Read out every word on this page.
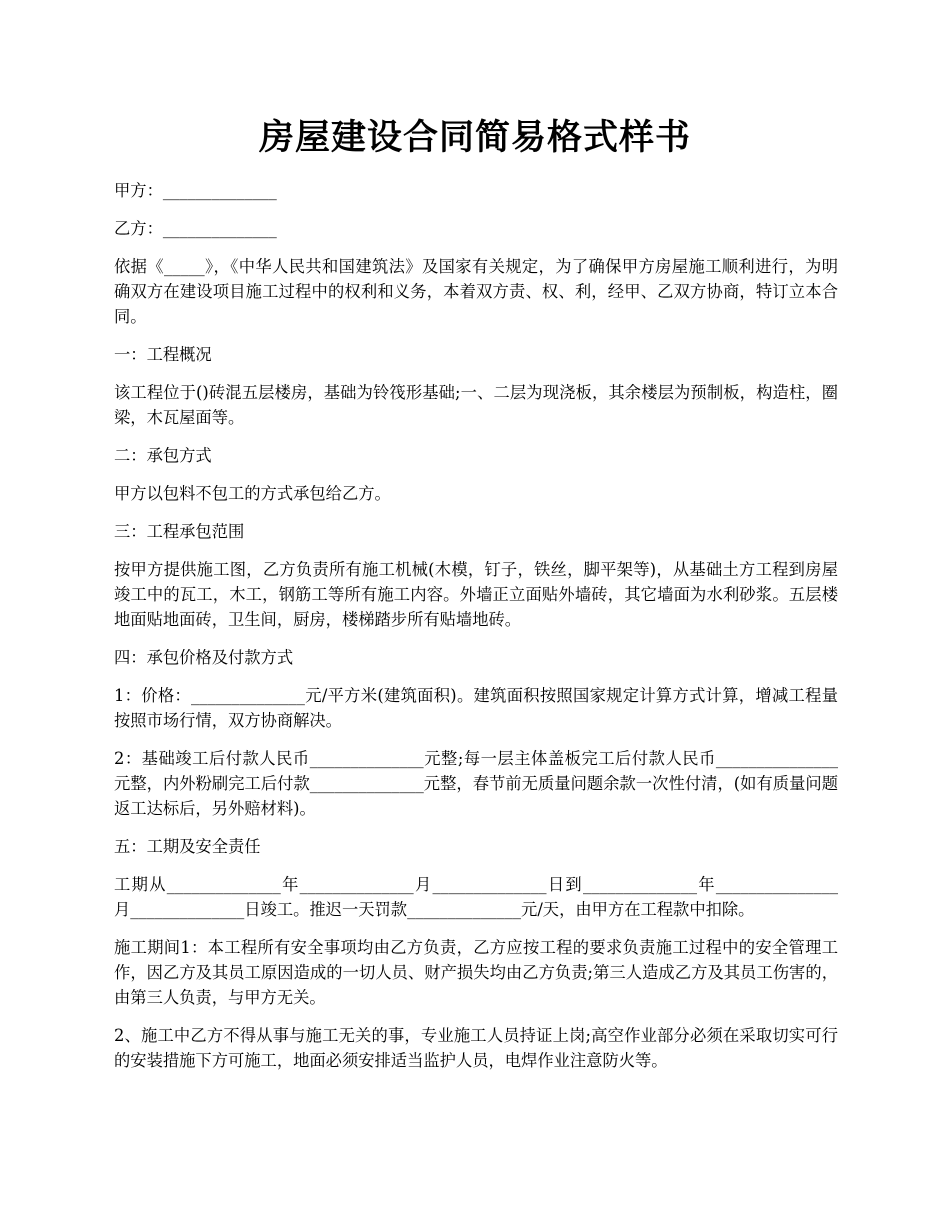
房屋建设合同简易格式样书

甲方：______________

乙方：______________

依据《_____》，《中华人民共和国建筑法》及国家有关规定，为了确保甲方房屋施工顺利进行，为明确双方在建设项目施工过程中的权利和义务，本着双方责、权、利，经甲、乙双方协商，特订立本合同。

一：工程概况

该工程位于()砖混五层楼房，基础为铃筏形基础;一、二层为现浇板，其余楼层为预制板，构造柱，圈梁，木瓦屋面等。

二：承包方式

甲方以包料不包工的方式承包给乙方。

三：工程承包范围

按甲方提供施工图，乙方负责所有施工机械(木模，钉子，铁丝，脚平架等)，从基础土方工程到房屋竣工中的瓦工，木工，钢筋工等所有施工内容。外墙正立面贴外墙砖，其它墙面为水利砂浆。五层楼地面贴地面砖，卫生间，厨房，楼梯踏步所有贴墙地砖。

四：承包价格及付款方式

1：价格：______________元/平方米(建筑面积)。建筑面积按照国家规定计算方式计算，增减工程量按照市场行情，双方协商解决。

2：基础竣工后付款人民币______________元整;每一层主体盖板完工后付款人民币_______________元整，内外粉刷完工后付款______________元整，春节前无质量问题余款一次性付清，(如有质量问题返工达标后，另外赔材料)。

五：工期及安全责任

工期从______________年______________月______________日到______________年_______________月______________日竣工。推迟一天罚款______________元/天，由甲方在工程款中扣除。

施工期间1：本工程所有安全事项均由乙方负责，乙方应按工程的要求负责施工过程中的安全管理工作，因乙方及其员工原因造成的一切人员、财产损失均由乙方负责;第三人造成乙方及其员工伤害的，由第三人负责，与甲方无关。

2、施工中乙方不得从事与施工无关的事，专业施工人员持证上岗;高空作业部分必须在采取切实可行的安装措施下方可施工，地面必须安排适当监护人员，电焊作业注意防火等。
